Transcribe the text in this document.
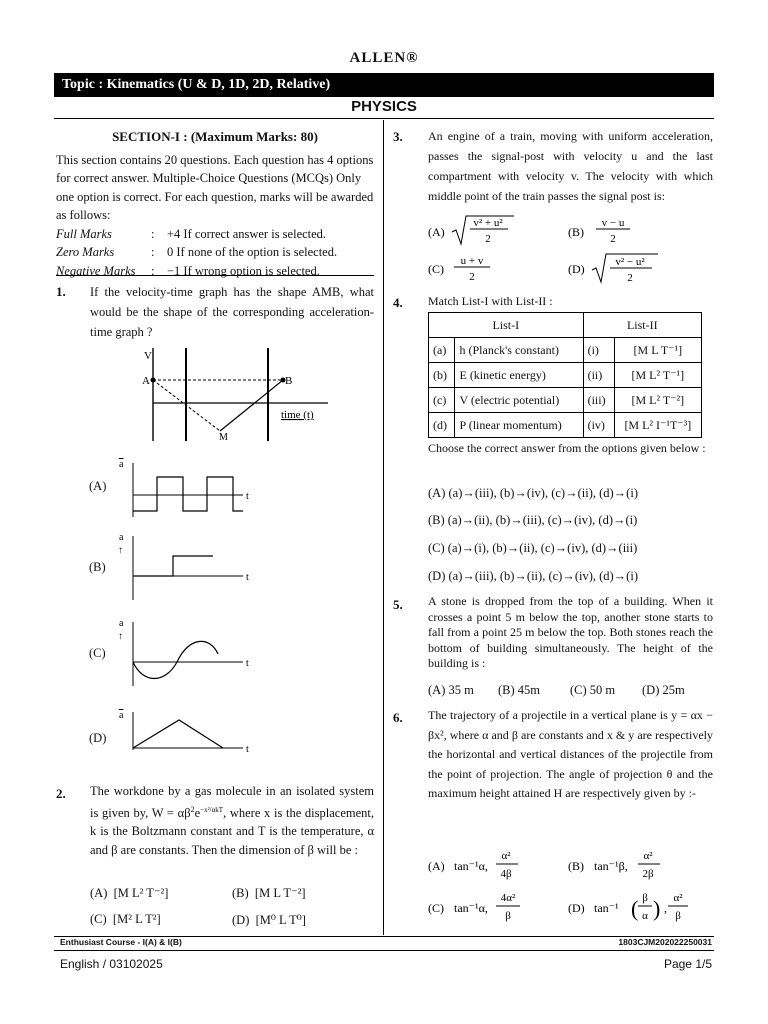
ALLEN®
Topic : Kinematics (U & D, 1D, 2D, Relative)
PHYSICS
SECTION-I : (Maximum Marks: 80)
This section contains 20 questions. Each question has 4 options for correct answer. Multiple-Choice Questions (MCQs) Only one option is correct. For each question, marks will be awarded as follows:
Full Marks	:	+4 If correct answer is selected.
Zero Marks	:	0 If none of the option is selected.
Negative Marks	:	−1 If wrong option is selected.
1. If the velocity-time graph has the shape AMB, what would be the shape of the corresponding acceleration-time graph ?
V
A	B
M
time (t)
(A)
a
t
(B)
a
↑
t
(C)
a
↑
t
(D)
a
t
2. The workdone by a gas molecule in an isolated system is given by, $W = \alpha\beta^2e^{-x^2/\alpha kT}$, where x is the displacement, k is the Boltzmann constant and T is the temperature, α and β are constants. Then the dimension of β will be :
(A) [M L² T⁻²]	(B) [M L T⁻²]
(C) [M² L T²]	(D) [M⁰ L T⁰]
3. An engine of a train, moving with uniform acceleration, passes the signal-post with velocity u and the last compartment with velocity v. The velocity with which middle point of the train passes the signal post is:
(A)
v² + u²
2	(B)
v − u
2
(C)
u + v
2
(D)	v² − u²
2
4. Match List-I with List-II :
List-I		List-II	
(a)	h (Planck's constant)	(i)	[M L T⁻¹]
(b)	E (kinetic energy)	(ii)	[M L² T⁻¹]
(c)	V (electric potential)	(iii)	[M L² T⁻²]
(d)	P (linear momentum)	(iv)	[M L² I⁻¹T⁻³]
Choose the correct answer from the options given below :
(A) (a)→(iii), (b)→(iv), (c)→(ii), (d)→(i)
(B) (a)→(ii), (b)→(iii), (c)→(iv), (d)→(i)
(C) (a)→(i), (b)→(ii), (c)→(iv), (d)→(iii)
(D) (a)→(iii), (b)→(ii), (c)→(iv), (d)→(i)
5. A stone is dropped from the top of a building. When it crosses a point 5 m below the top, another stone starts to fall from a point 25 m below the top. Both stones reach the bottom of building simultaneously. The height of the building is :
(A) 35 m (B) 45m (C) 50 m (D) 25m
6. The trajectory of a projectile in a vertical plane is y = αx − βx², where α and β are constants and x & y are respectively the horizontal and vertical distances of the projectile from the point of projection. The angle of projection θ and the maximum height attained H are respectively given by :-
(A) tan⁻¹α,
α²
4β
(B) tan⁻¹β,
α²
2β
(C) tan⁻¹α,
4α²
β
(D) tan⁻¹ ( β
α ) ,
α²
β
Enthusiast Course - I(A) & I(B)	1803CJM202022250031
English / 03102025	Page 1/5
